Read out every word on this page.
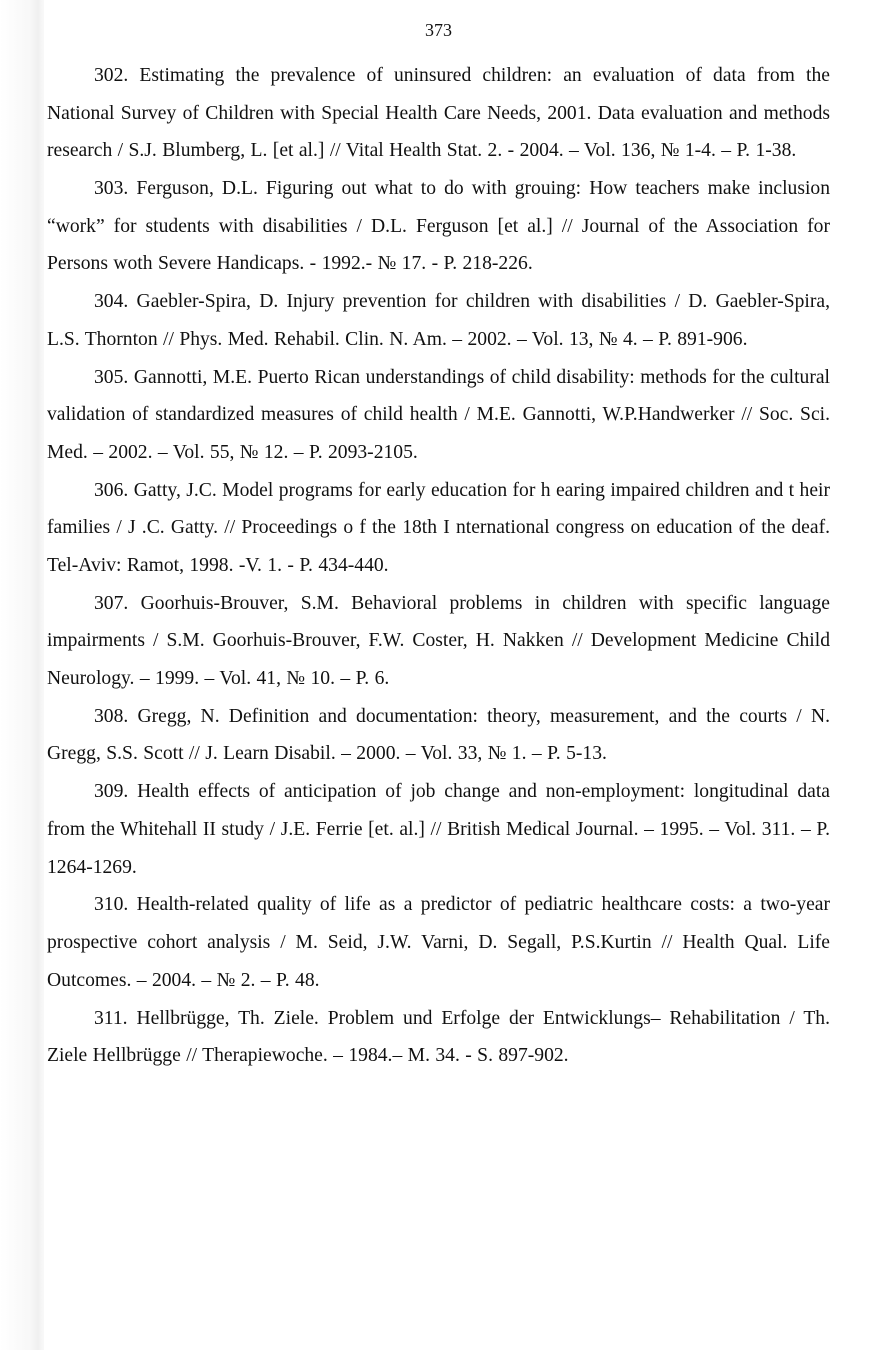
373

302. Estimating the prevalence of uninsured children: an evaluation of data from the National Survey of Children with Special Health Care Needs, 2001. Data evaluation and methods research / S.J. Blumberg, L. [et al.] // Vital Health Stat. 2. - 2004. – Vol. 136, № 1-4. – P. 1-38.

303. Ferguson, D.L. Figuring out what to do with grouing: How teachers make inclusion “work” for students with disabilities / D.L. Ferguson [et al.] // Journal of the Association for Persons woth Severe Handicaps. - 1992.- № 17. - P. 218-226.

304. Gaebler-Spira, D. Injury prevention for children with disabilities / D. Gaebler-Spira, L.S. Thornton // Phys. Med. Rehabil. Clin. N. Am. – 2002. – Vol. 13, № 4. – P. 891-906.

305. Gannotti, M.E. Puerto Rican understandings of child disability: methods for the cultural validation of standardized measures of child health / M.E. Gannotti, W.P.Handwerker // Soc. Sci. Med. – 2002. – Vol. 55, № 12. – P. 2093-2105.

306. Gatty, J.C. Model programs for early education for h earing impaired children and t heir families / J .C. Gatty. // Proceedings o f the 18th I nternational congress on education of the deaf. Tel-Aviv: Ramot, 1998. -V. 1. - P. 434-440.

307. Goorhuis-Brouver, S.M. Behavioral problems in children with specific language impairments / S.M. Goorhuis-Brouver, F.W. Coster, H. Nakken // Development Medicine Child Neurology. – 1999. – Vol. 41, № 10. – P. 6.

308. Gregg, N. Definition and documentation: theory, measurement, and the courts / N. Gregg, S.S. Scott // J. Learn Disabil. – 2000. – Vol. 33, № 1. – P. 5-13.

309. Health effects of anticipation of job change and non-employment: longitudinal data from the Whitehall II study / J.E. Ferrie [et. al.] // British Medical Journal. – 1995. – Vol. 311. – P. 1264-1269.

310. Health-related quality of life as a predictor of pediatric healthcare costs: a two-year prospective cohort analysis / M. Seid, J.W. Varni, D. Segall, P.S.Kurtin // Health Qual. Life Outcomes. – 2004. – № 2. – P. 48.

311. Hellbrügge, Th. Ziele. Problem und Erfolge der Entwicklungs– Rehabilitation / Th. Ziele Hellbrügge // Therapiewoche. – 1984.– M. 34. - S. 897-902.
